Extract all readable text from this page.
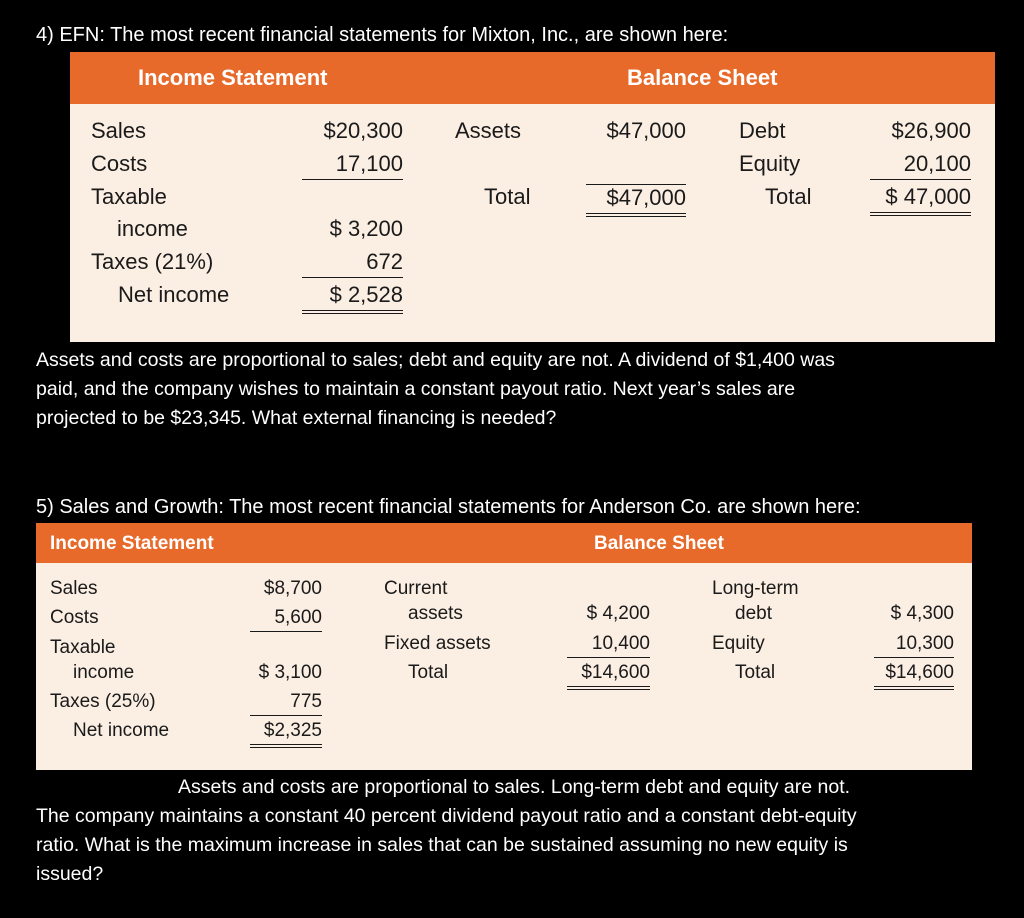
4) EFN: The most recent financial statements for Mixton, Inc., are shown here:
Income Statement	Balance Sheet
Sales	$20,300
Costs	17,100
Taxable
income	$ 3,200
Taxes (21%)	672
Net income	$ 2,528
Assets	$47,000
Total	$47,000
Debt	$26,900
Equity	20,100
Total	$ 47,000
Assets and costs are proportional to sales; debt and equity are not. A dividend of $1,400 was
paid, and the company wishes to maintain a constant payout ratio. Next year’s sales are
projected to be $23,345. What external financing is needed?
5) Sales and Growth: The most recent financial statements for Anderson Co. are shown here:
Income Statement	Balance Sheet
Sales	$8,700
Costs	5,600
Taxable
income	$ 3,100
Taxes (25%)	775
Net income	$2,325
Current
assets	$ 4,200
Fixed assets	10,400
Total	$14,600
Long-term
debt	$ 4,300
Equity	10,300
Total	$14,600
Assets and costs are proportional to sales. Long-term debt and equity are not.
The company maintains a constant 40 percent dividend payout ratio and a constant debt-equity
ratio. What is the maximum increase in sales that can be sustained assuming no new equity is
issued?
